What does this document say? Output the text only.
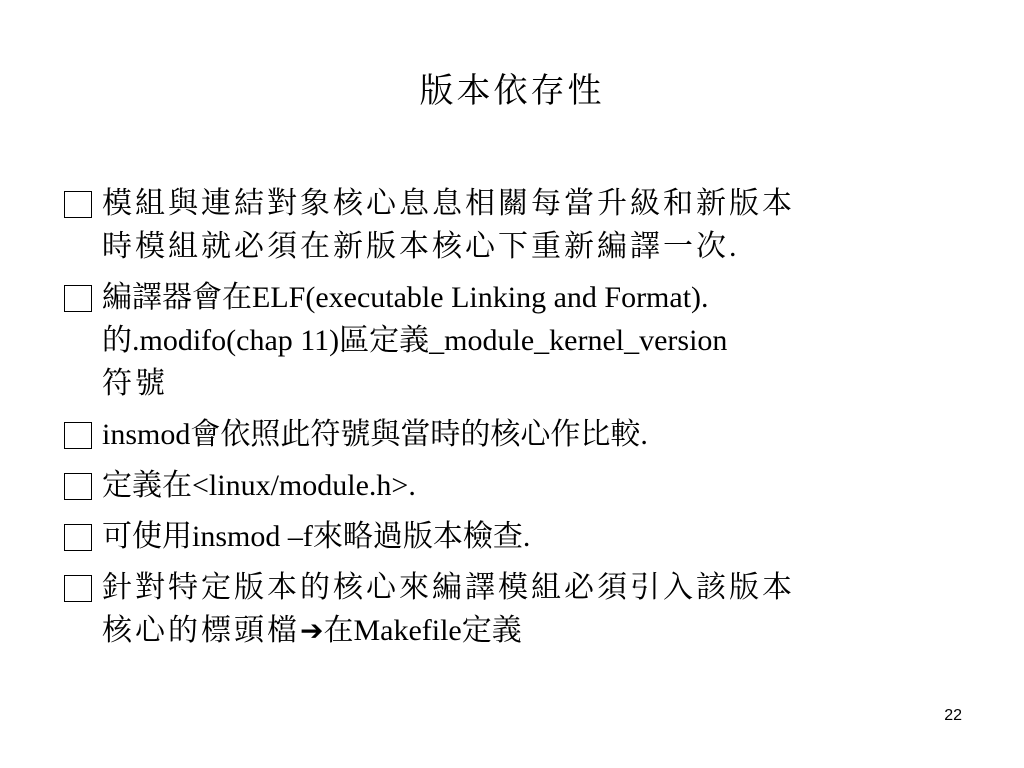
版本依存性
模組與連結對象核心息息相關每當升級和新版本
時模組就必須在新版本核心下重新編譯一次.
編譯器會在ELF(executable Linking and Format).
的.modifo(chap 11)區定義_module_kernel_version
符號
insmod會依照此符號與當時的核心作比較.
定義在<linux/module.h>.
可使用insmod –f來略過版本檢查.
針對特定版本的核心來編譯模組必須引入該版本
核心的標頭檔➔在Makefile定義
22
